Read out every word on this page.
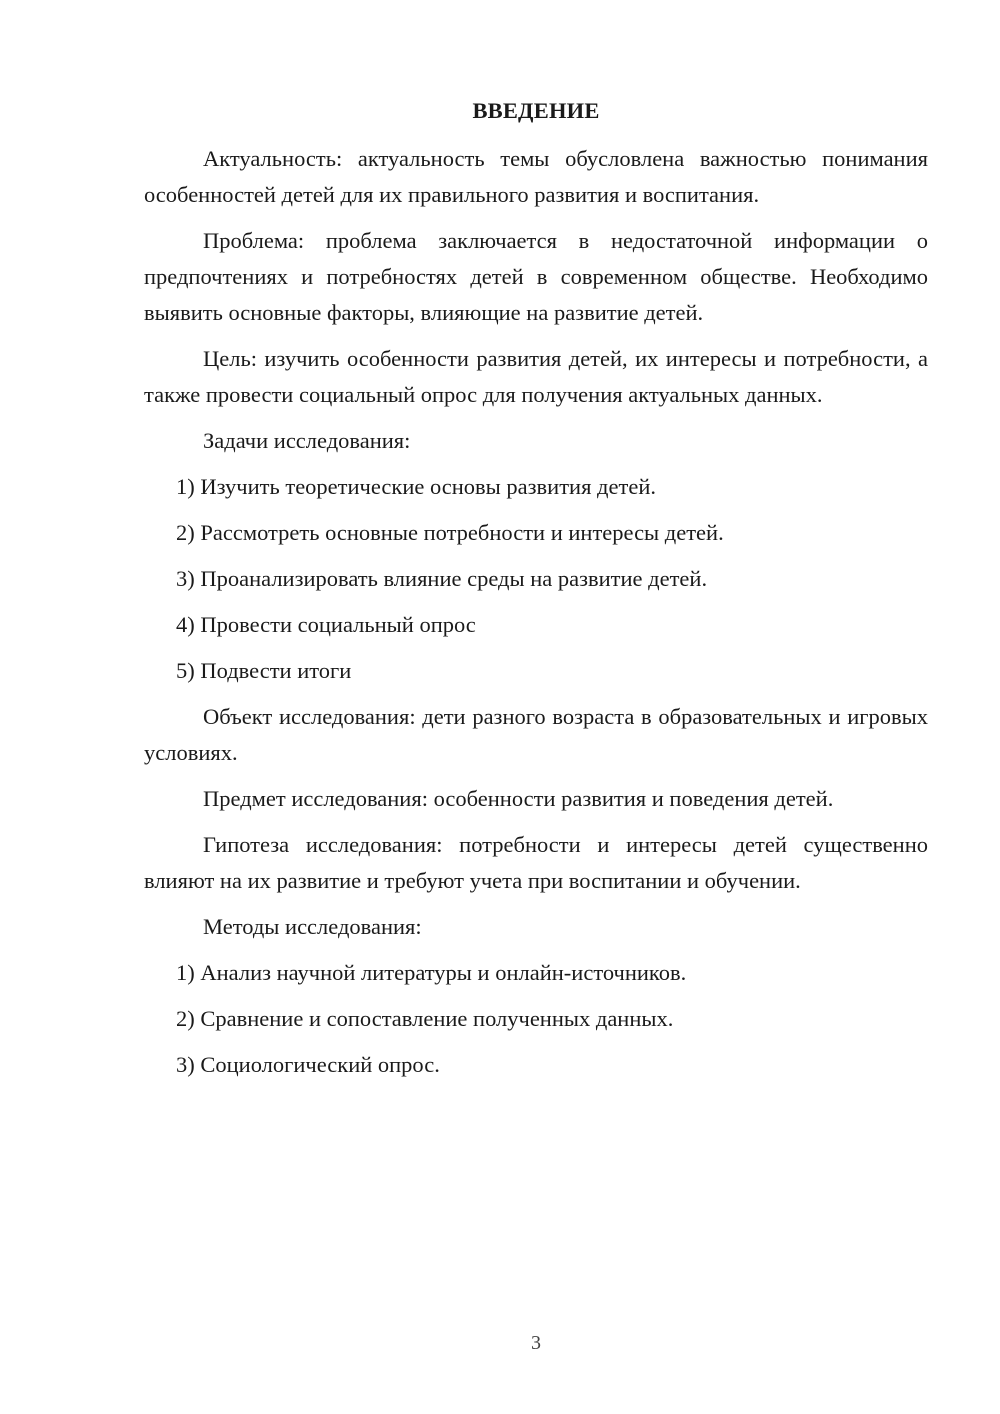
ВВЕДЕНИЕ

Актуальность: актуальность темы обусловлена важностью понимания особенностей детей для их правильного развития и воспитания.

Проблема: проблема заключается в недостаточной информации о предпочтениях и потребностях детей в современном обществе. Необходимо выявить основные факторы, влияющие на развитие детей.

Цель: изучить особенности развития детей, их интересы и потребности, а также провести социальный опрос для получения актуальных данных.

Задачи исследования:

1) Изучить теоретические основы развития детей.
2) Рассмотреть основные потребности и интересы детей.
3) Проанализировать влияние среды на развитие детей.
4) Провести социальный опрос
5) Подвести итоги

Объект исследования: дети разного возраста в образовательных и игровых условиях.

Предмет исследования: особенности развития и поведения детей.

Гипотеза исследования: потребности и интересы детей существенно влияют на их развитие и требуют учета при воспитании и обучении.

Методы исследования:

1) Анализ научной литературы и онлайн-источников.
2) Сравнение и сопоставление полученных данных.
3) Социологический опрос.
3
